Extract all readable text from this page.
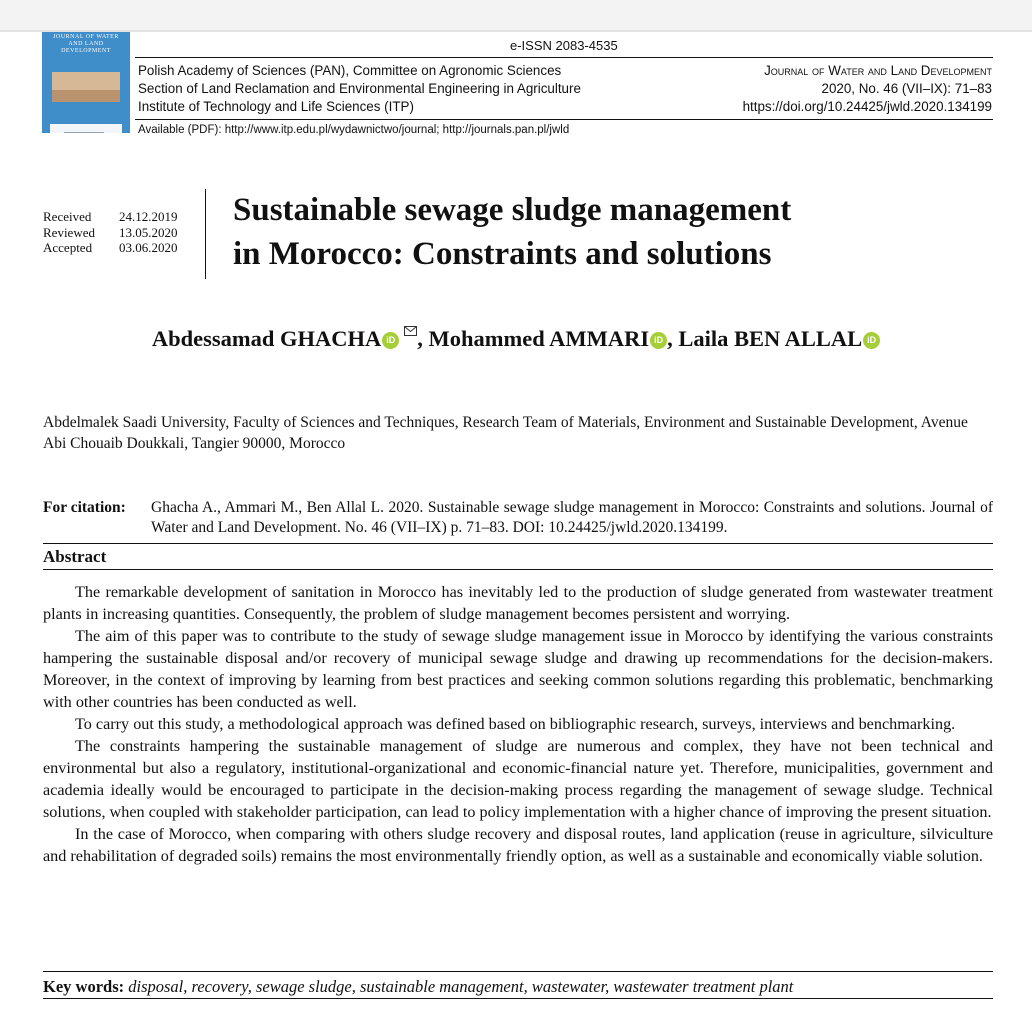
JOURNAL OF WATER AND LAND DEVELOPMENT	e-ISSN 2083-4535
Polish Academy of Sciences (PAN), Committee on Agronomic Sciences
Section of Land Reclamation and Environmental Engineering in Agriculture
Institute of Technology and Life Sciences (ITP)
Journal of Water and Land Development
2020, No. 46 (VII–IX): 71–83
https://doi.org/10.24425/jwld.2020.134199
Available (PDF): http://www.itp.edu.pl/wydawnictwo/journal; http://journals.pan.pl/jwld
Received	24.12.2019
Reviewed	13.05.2020
Accepted	03.06.2020
Sustainable sewage sludge management
in Morocco: Constraints and solutions
Abdessamad GHACHA iD , Mohammed AMMARI iD , Laila BEN ALLAL iD
Abdelmalek Saadi University, Faculty of Sciences and Techniques, Research Team of Materials, Environment and Sustainable Development, Avenue Abi Chouaib Doukkali, Tangier 90000, Morocco
For citation: Ghacha A., Ammari M., Ben Allal L. 2020. Sustainable sewage sludge management in Morocco: Constraints and solutions. Journal of Water and Land Development. No. 46 (VII–IX) p. 71–83. DOI: 10.24425/jwld.2020.134199.
Abstract

The remarkable development of sanitation in Morocco has inevitably led to the production of sludge generated from wastewater treatment plants in increasing quantities. Consequently, the problem of sludge management becomes persistent and worrying.

The aim of this paper was to contribute to the study of sewage sludge management issue in Morocco by identifying the various constraints hampering the sustainable disposal and/or recovery of municipal sewage sludge and drawing up recommendations for the decision-makers. Moreover, in the context of improving by learning from best practices and seeking common solutions regarding this problematic, benchmarking with other countries has been conducted as well.

To carry out this study, a methodological approach was defined based on bibliographic research, surveys, interviews and benchmarking.

The constraints hampering the sustainable management of sludge are numerous and complex, they have not been technical and environmental but also a regulatory, institutional-organizational and economic-financial nature yet. Therefore, municipalities, government and academia ideally would be encouraged to participate in the decision-making process regarding the management of sewage sludge. Technical solutions, when coupled with stakeholder participation, can lead to policy implementation with a higher chance of improving the present situation.

In the case of Morocco, when comparing with others sludge recovery and disposal routes, land application (reuse in agriculture, silviculture and rehabilitation of degraded soils) remains the most environmentally friendly option, as well as a sustainable and economically viable solution.

Key words: disposal, recovery, sewage sludge, sustainable management, wastewater, wastewater treatment plant
